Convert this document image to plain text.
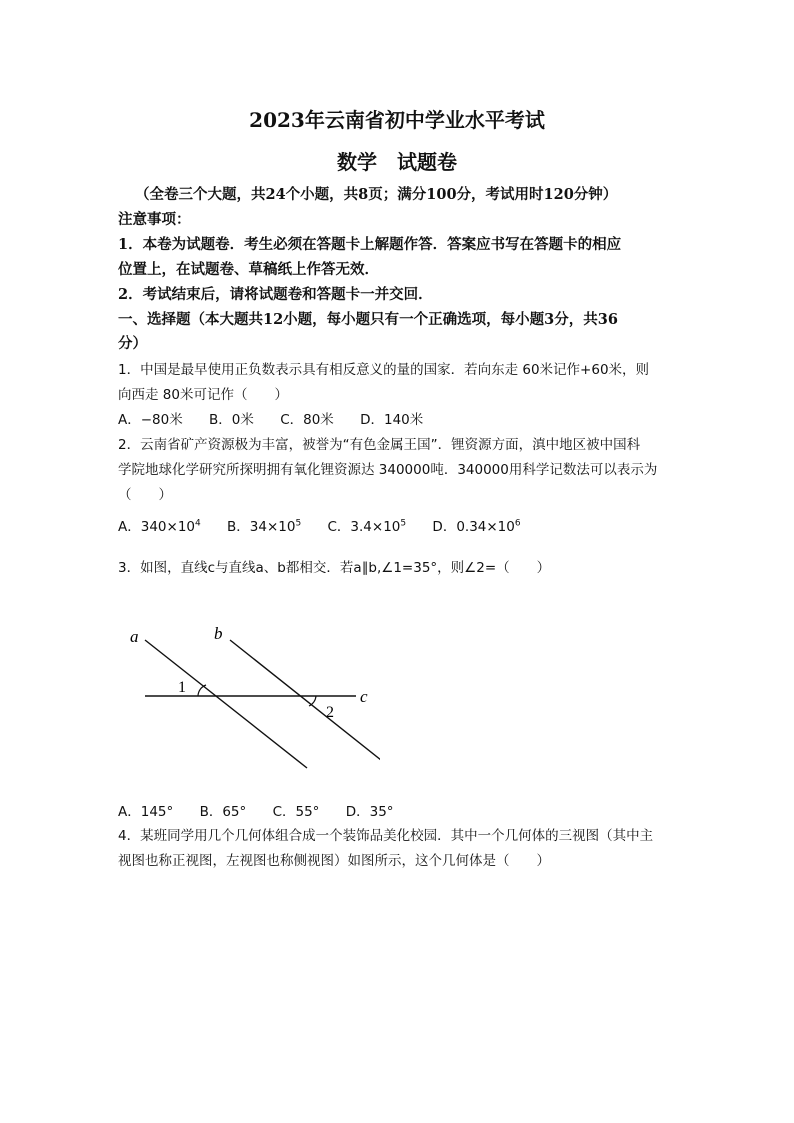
2023年云南省初中学业水平考试
数学　试题卷
（全卷三个大题，共24个小题，共8页；满分100分，考试用时120分钟）
注意事项：
1．本卷为试题卷．考生必须在答题卡上解题作答．答案应书写在答题卡的相应
位置上，在试题卷、草稿纸上作答无效．
2．考试结束后，请将试题卷和答题卡一并交回．
一、选择题（本大题共12小题，每小题只有一个正确选项，每小题3分，共36
分）
1．中国是最早使用正负数表示具有相反意义的量的国家．若向东走 60米记作+60米，则
向西走 80米可记作（　　）
A．−80米 B．0米 C．80米 D．140米
2．云南省矿产资源极为丰富，被誉为“有色金属王国”．锂资源方面，滇中地区被中国科
学院地球化学研究所探明拥有氧化锂资源达 340000吨．340000用科学记数法可以表示为
（　　）
A．$340\times 10^4$ B．$34\times 10^5$ C．$3.4\times 10^5$ D．$0.34\times 10^6$
3．如图，直线c与直线a、b都相交．若a∥b,∠1=35°，则∠2=（　　）
a	b
c
1
2
A．145° B．65° C．55° D．35°
4．某班同学用几个几何体组合成一个装饰品美化校园．其中一个几何体的三视图（其中主
视图也称正视图，左视图也称侧视图）如图所示，这个几何体是（　　）
